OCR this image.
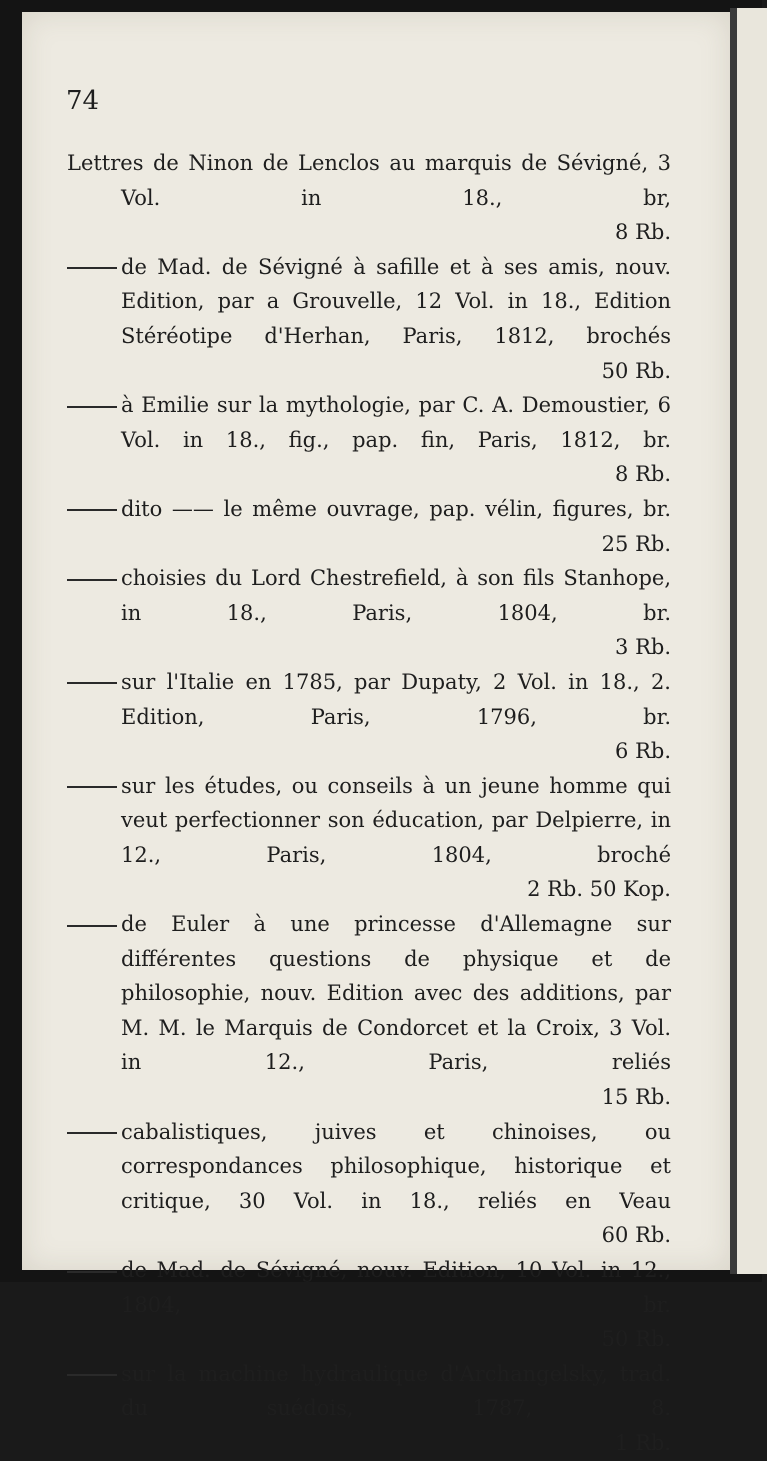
74

Lettres de Ninon de Lenclos au marquis de Sévigné, 3 Vol. in 18., br,
8 Rb.

de Mad. de Sévigné à safille et à ses amis, nouv. Edition, par a Grouvelle, 12 Vol. in 18., Edition Stéréotipe d'Herhan, Paris, 1812, brochés
50 Rb.

à Emilie sur la mythologie, par C. A. Demoustier, 6 Vol. in 18., fig., pap. fin, Paris, 1812, br.
8 Rb.

dito —— le même ouvrage, pap. vélin, figures, br.
25 Rb.

choisies du Lord Chestrefield, à son fils Stanhope, in 18., Paris, 1804, br.
3 Rb.

sur l'Italie en 1785, par Dupaty, 2 Vol. in 18., 2. Edition, Paris, 1796, br.
6 Rb.

sur les études, ou conseils à un jeune homme qui veut perfectionner son éducation, par Delpierre, in 12., Paris, 1804, broché
2 Rb. 50 Kop.

de Euler à une princesse d'Allemagne sur différentes questions de physique et de philosophie, nouv. Edition avec des additions, par M. M. le Marquis de Condorcet et la Croix, 3 Vol. in 12., Paris, reliés
15 Rb.

cabalistiques, juives et chinoises, ou correspondances philosophique, historique et critique, 30 Vol. in 18., reliés en Veau
60 Rb.

de Mad. de Sévigné, nouv. Edition, 10 Vol. in 12., 1804, br.
50 Rb.

sur la machine hydraulique d'Archangelsky, trad. du suédois, 1787, 8.
1 Rb.
